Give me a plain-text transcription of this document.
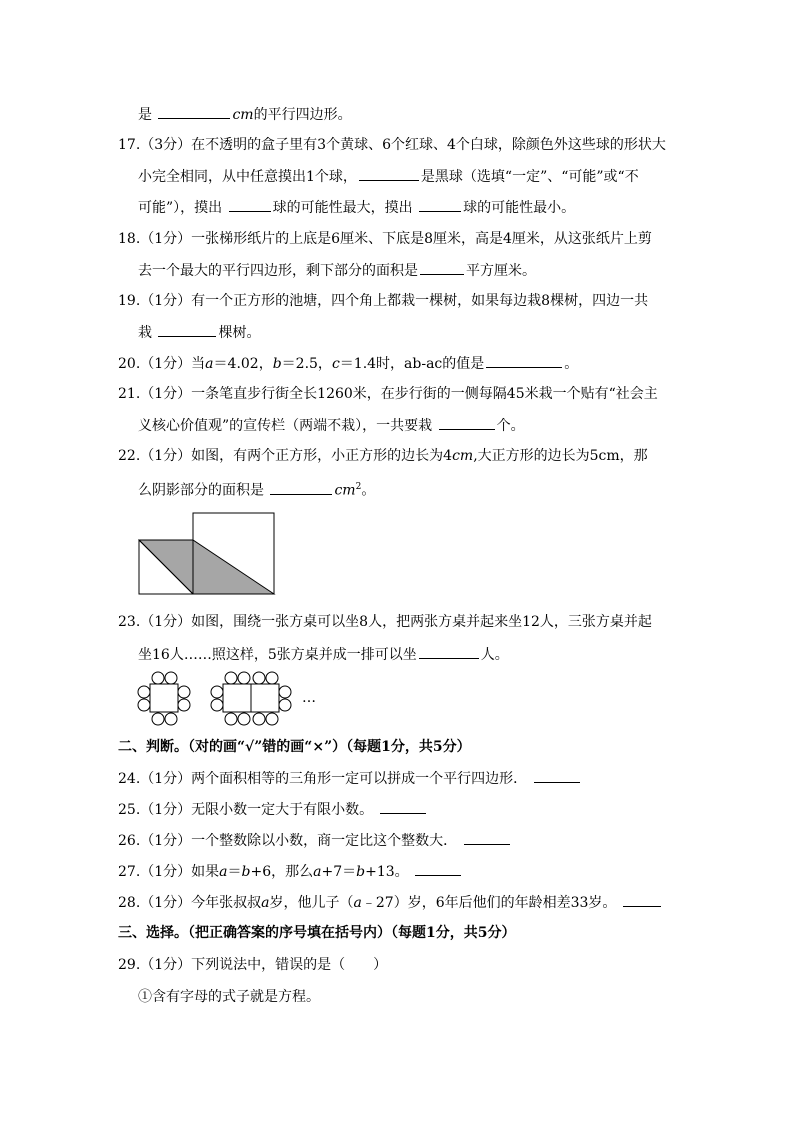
是	cm的平行四边形。
17.（3分）在不透明的盒子里有3个黄球、6个红球、4个白球，除颜色外这些球的形状大
小完全相同，从中任意摸出1个球，	是黑球（选填“一定”、“可能”或“不
可能”），摸出	球的可能性最大，摸出	球的可能性最小。
18.（1分）一张梯形纸片的上底是6厘米、下底是8厘米，高是4厘米，从这张纸片上剪
去一个最大的平行四边形，剩下部分的面积是	平方厘米。
19.（1分）有一个正方形的池塘，四个角上都栽一棵树，如果每边栽8棵树，四边一共
栽	棵树。
20.（1分）当a＝4.02，b＝2.5，c＝1.4时，ab-ac的值是	。
21.（1分）一条笔直步行街全长1260米，在步行街的一侧每隔45米栽一个贴有“社会主
义核心价值观”的宣传栏（两端不栽），一共要栽	个。
22.（1分）如图，有两个正方形，小正方形的边长为4cm,大正方形的边长为5cm，那
么阴影部分的面积是	$cm^2$。
23.（1分）如图，围绕一张方桌可以坐8人，把两张方桌并起来坐12人，三张方桌并起
坐16人……照这样，5张方桌并成一排可以坐	人。
…
二、判断。（对的画“√”错的画“×”）（每题1分，共5分）
24.（1分）两个面积相等的三角形一定可以拼成一个平行四边形．
25.（1分）无限小数一定大于有限小数。
26.（1分）一个整数除以小数，商一定比这个整数大．
27.（1分）如果a＝b+6，那么a+7＝b+13。
28.（1分）今年张叔叔a岁，他儿子（a﹣27）岁，6年后他们的年龄相差33岁。
三、选择。（把正确答案的序号填在括号内）（每题1分，共5分）
29.（1分）下列说法中，错误的是（　　）
①含有字母的式子就是方程。
